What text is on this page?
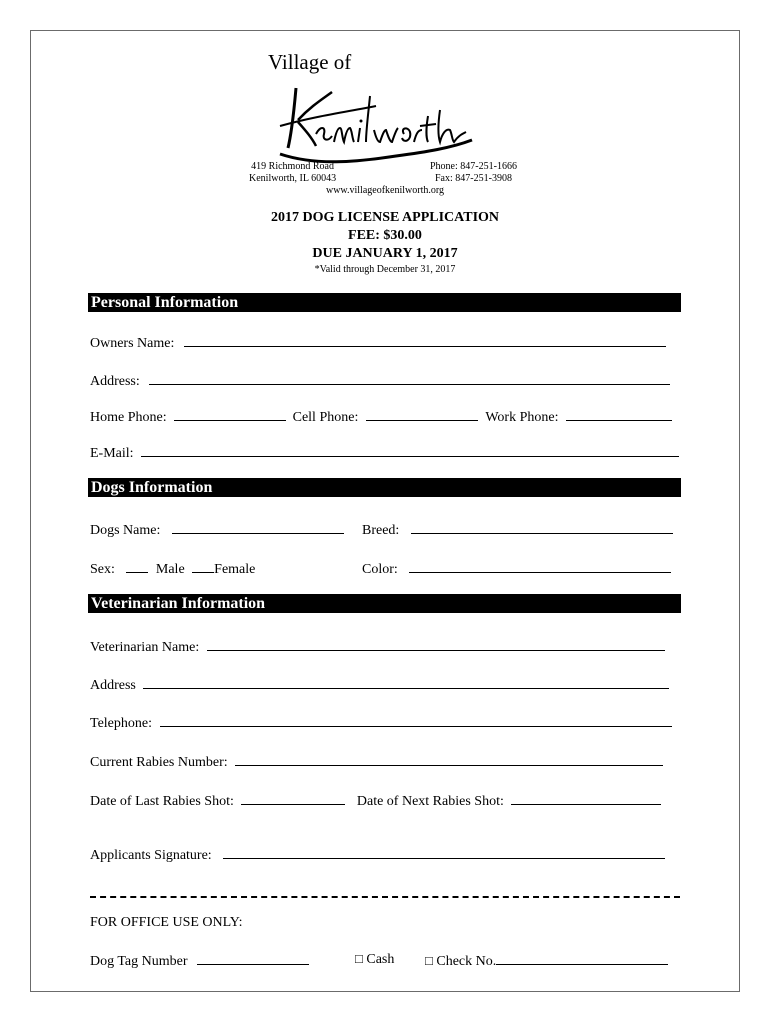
Village of
419 Richmond Road
Kenilworth, IL 60043
Phone: 847-251-1666
Fax: 847-251-3908
www.villageofkenilworth.org
2017 DOG LICENSE APPLICATION
FEE: $30.00
DUE JANUARY 1, 2017
*Valid through December 31, 2017
Personal Information
Owners Name:
Address:
Home Phone:	Cell Phone:	Work Phone:
E-Mail:
Dogs Information
Dogs Name:	Breed:
Sex:	Male Female	Color:
Veterinarian Information
Veterinarian Name:
Address
Telephone:
Current Rabies Number:
Date of Last Rabies Shot:	Date of Next Rabies Shot:
Applicants Signature:
FOR OFFICE USE ONLY:
Dog Tag Number	□ Cash □ Check No.
